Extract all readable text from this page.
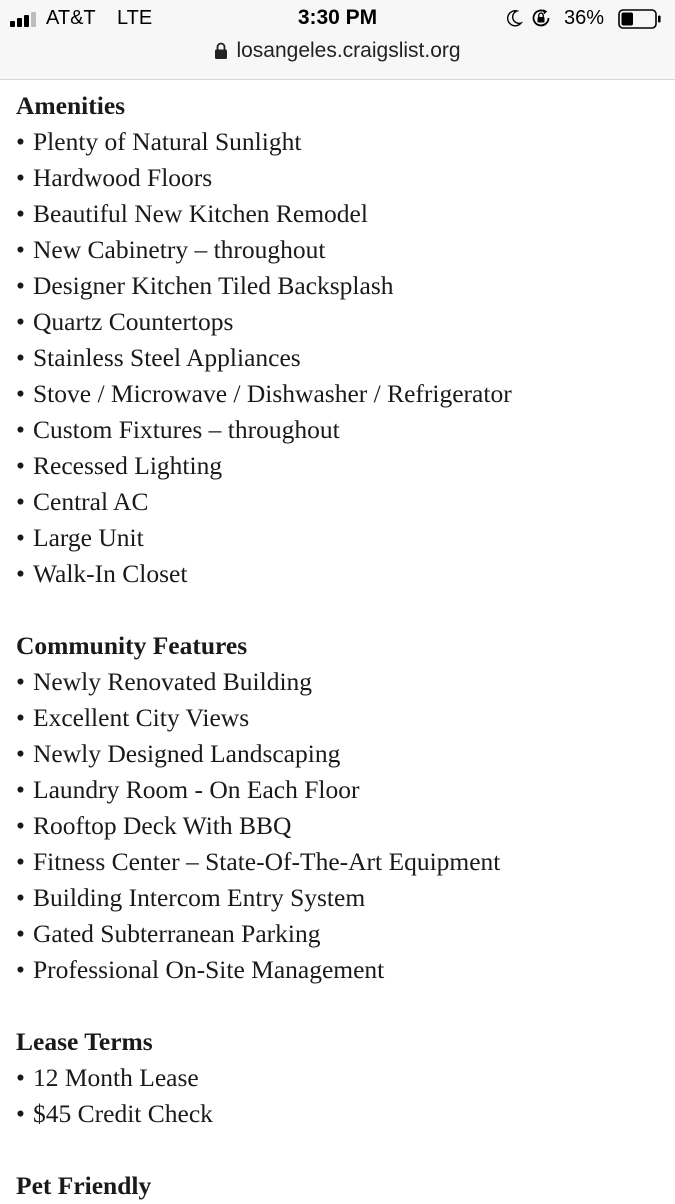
AT&T LTE	3:30 PM	36%
losangeles.craigslist.org
Amenities
• Plenty of Natural Sunlight
• Hardwood Floors
• Beautiful New Kitchen Remodel
• New Cabinetry – throughout
• Designer Kitchen Tiled Backsplash
• Quartz Countertops
• Stainless Steel Appliances
• Stove / Microwave / Dishwasher / Refrigerator
• Custom Fixtures – throughout
• Recessed Lighting
• Central AC
• Large Unit
• Walk-In Closet
Community Features
• Newly Renovated Building
• Excellent City Views
• Newly Designed Landscaping
• Laundry Room - On Each Floor
• Rooftop Deck With BBQ
• Fitness Center – State-Of-The-Art Equipment
• Building Intercom Entry System
• Gated Subterranean Parking
• Professional On-Site Management
Lease Terms
• 12 Month Lease
• $45 Credit Check
Pet Friendly
